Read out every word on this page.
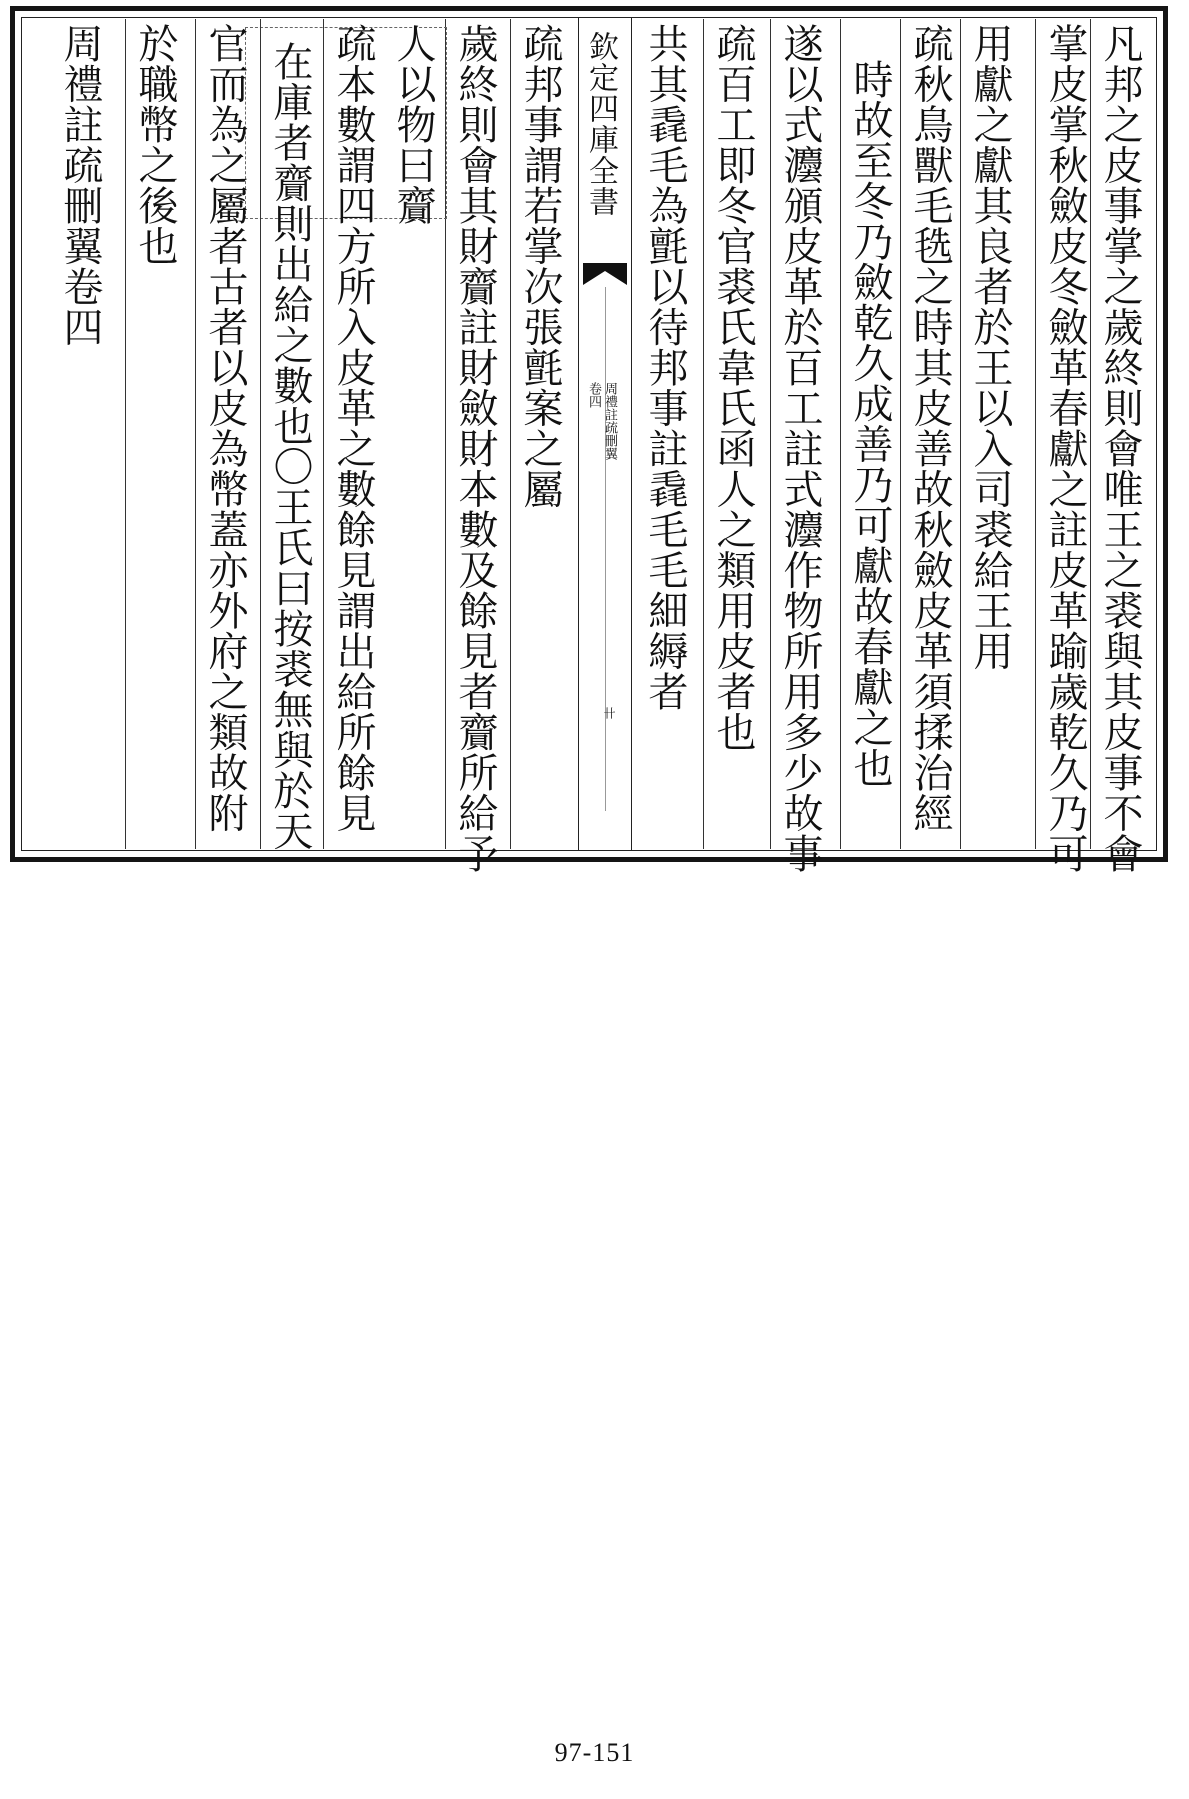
凡邦之皮事掌之歲終則會唯王之裘與其皮事不會
掌皮掌秋斂皮冬斂革春獻之註皮革踰歲乾久乃可
用獻之獻其良者於王以入司裘給王用
疏秋鳥獸毛毨之時其皮善故秋斂皮革須揉治經
時故至冬乃斂乾久成善乃可獻故春獻之也
遂以式灋頒皮革於百工註式灋作物所用多少故事
疏百工即冬官裘氏韋氏函人之類用皮者也
共其毳毛為氈以待邦事註毳毛毛細縟者
欽定四庫全書
周禮註疏刪翼
卷四
卄
疏邦事謂若掌次張氈案之屬
歲終則會其財齎註財斂財本數及餘見者齎所給予
人以物曰齎
疏本數謂四方所入皮革之數餘見謂出給所餘見
在庫者齎則出給之數也〇王氏曰按裘無與於天
官而為之屬者古者以皮為幣蓋亦外府之類故附
於職幣之後也
周禮註疏刪翼卷四
97-151
